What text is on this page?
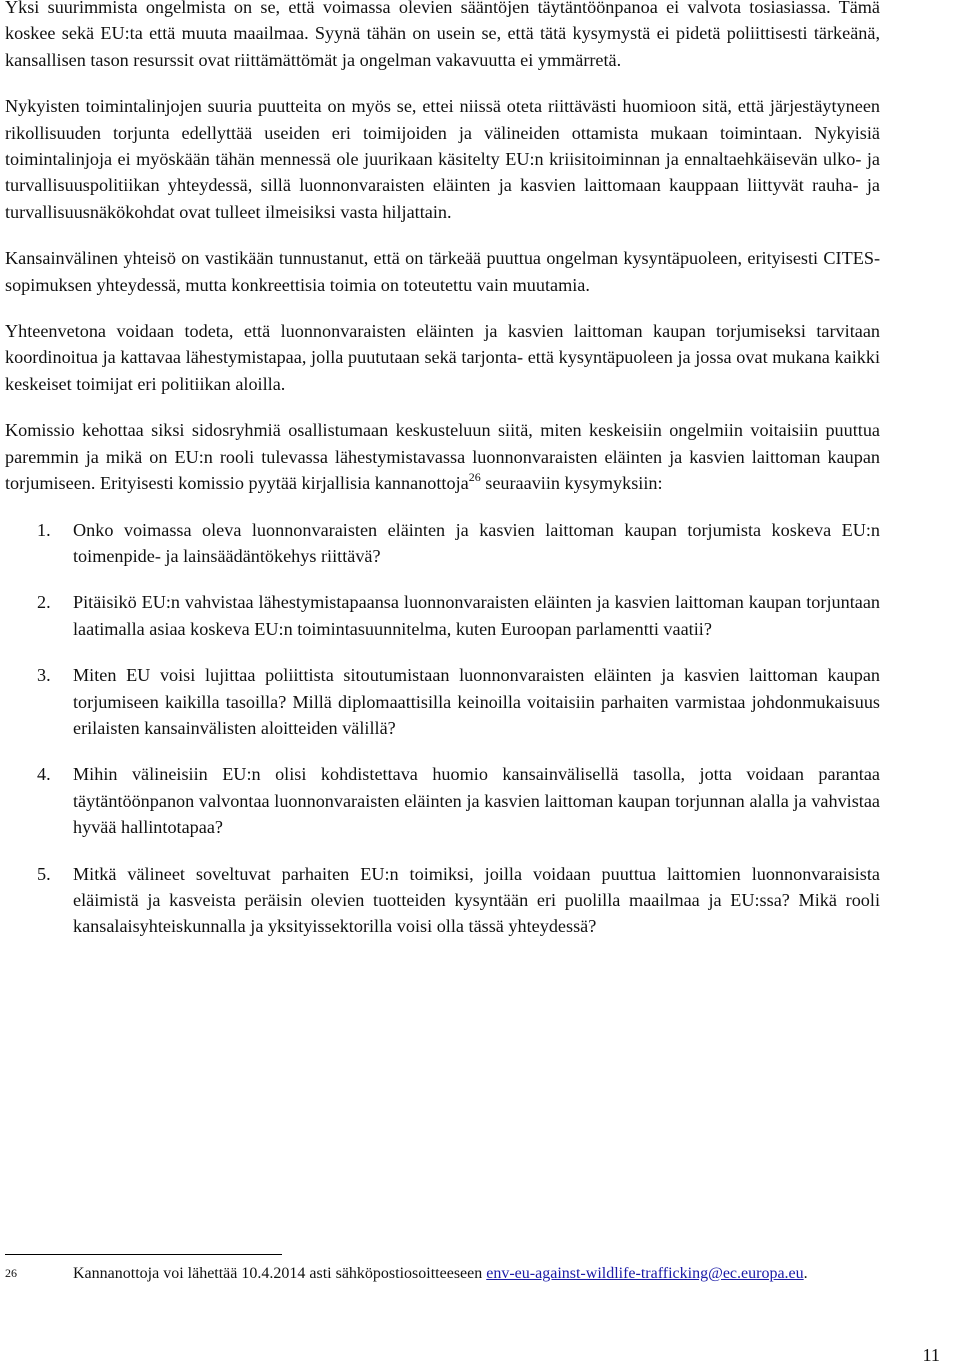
Yksi suurimmista ongelmista on se, että voimassa olevien sääntöjen täytäntöönpanoa ei valvota tosiasiassa. Tämä koskee sekä EU:ta että muuta maailmaa. Syynä tähän on usein se, että tätä kysymystä ei pidetä poliittisesti tärkeänä, kansallisen tason resurssit ovat riittämättömät ja ongelman vakavuutta ei ymmärretä.

Nykyisten toimintalinjojen suuria puutteita on myös se, ettei niissä oteta riittävästi huomioon sitä, että järjestäytyneen rikollisuuden torjunta edellyttää useiden eri toimijoiden ja välineiden ottamista mukaan toimintaan. Nykyisiä toimintalinjoja ei myöskään tähän mennessä ole juurikaan käsitelty EU:n kriisitoiminnan ja ennaltaehkäisevän ulko- ja turvallisuuspolitiikan yhteydessä, sillä luonnonvaraisten eläinten ja kasvien laittomaan kauppaan liittyvät rauha- ja turvallisuusnäkökohdat ovat tulleet ilmeisiksi vasta hiljattain.

Kansainvälinen yhteisö on vastikään tunnustanut, että on tärkeää puuttua ongelman kysyntäpuoleen, erityisesti CITES-sopimuksen yhteydessä, mutta konkreettisia toimia on toteutettu vain muutamia.

Yhteenvetona voidaan todeta, että luonnonvaraisten eläinten ja kasvien laittoman kaupan torjumiseksi tarvitaan koordinoitua ja kattavaa lähestymistapaa, jolla puututaan sekä tarjonta- että kysyntäpuoleen ja jossa ovat mukana kaikki keskeiset toimijat eri politiikan aloilla.

Komissio kehottaa siksi sidosryhmiä osallistumaan keskusteluun siitä, miten keskeisiin ongelmiin voitaisiin puuttua paremmin ja mikä on EU:n rooli tulevassa lähestymistavassa luonnonvaraisten eläinten ja kasvien laittoman kaupan torjumiseen. Erityisesti komissio pyytää kirjallisia kannanottoja$^{26}$ seuraaviin kysymyksiin:

1. Onko voimassa oleva luonnonvaraisten eläinten ja kasvien laittoman kaupan torjumista koskeva EU:n toimenpide- ja lainsäädäntökehys riittävä?
2. Pitäisikö EU:n vahvistaa lähestymistapaansa luonnonvaraisten eläinten ja kasvien laittoman kaupan torjuntaan laatimalla asiaa koskeva EU:n toimintasuunnitelma, kuten Euroopan parlamentti vaatii?
3. Miten EU voisi lujittaa poliittista sitoutumistaan luonnonvaraisten eläinten ja kasvien laittoman kaupan torjumiseen kaikilla tasoilla? Millä diplomaattisilla keinoilla voitaisiin parhaiten varmistaa johdonmukaisuus erilaisten kansainvälisten aloitteiden välillä?
4. Mihin välineisiin EU:n olisi kohdistettava huomio kansainvälisellä tasolla, jotta voidaan parantaa täytäntöönpanon valvontaa luonnonvaraisten eläinten ja kasvien laittoman kaupan torjunnan alalla ja vahvistaa hyvää hallintotapaa?
5. Mitkä välineet soveltuvat parhaiten EU:n toimiksi, joilla voidaan puuttua laittomien luonnonvaraisista eläimistä ja kasveista peräisin olevien tuotteiden kysyntään eri puolilla maailmaa ja EU:ssa? Mikä rooli kansalaisyhteiskunnalla ja yksityissektorilla voisi olla tässä yhteydessä?
26	Kannanottoja voi lähettää 10.4.2014 asti sähköpostiosoitteeseen env-eu-against-wildlife-trafficking@ec.europa.eu.
11
